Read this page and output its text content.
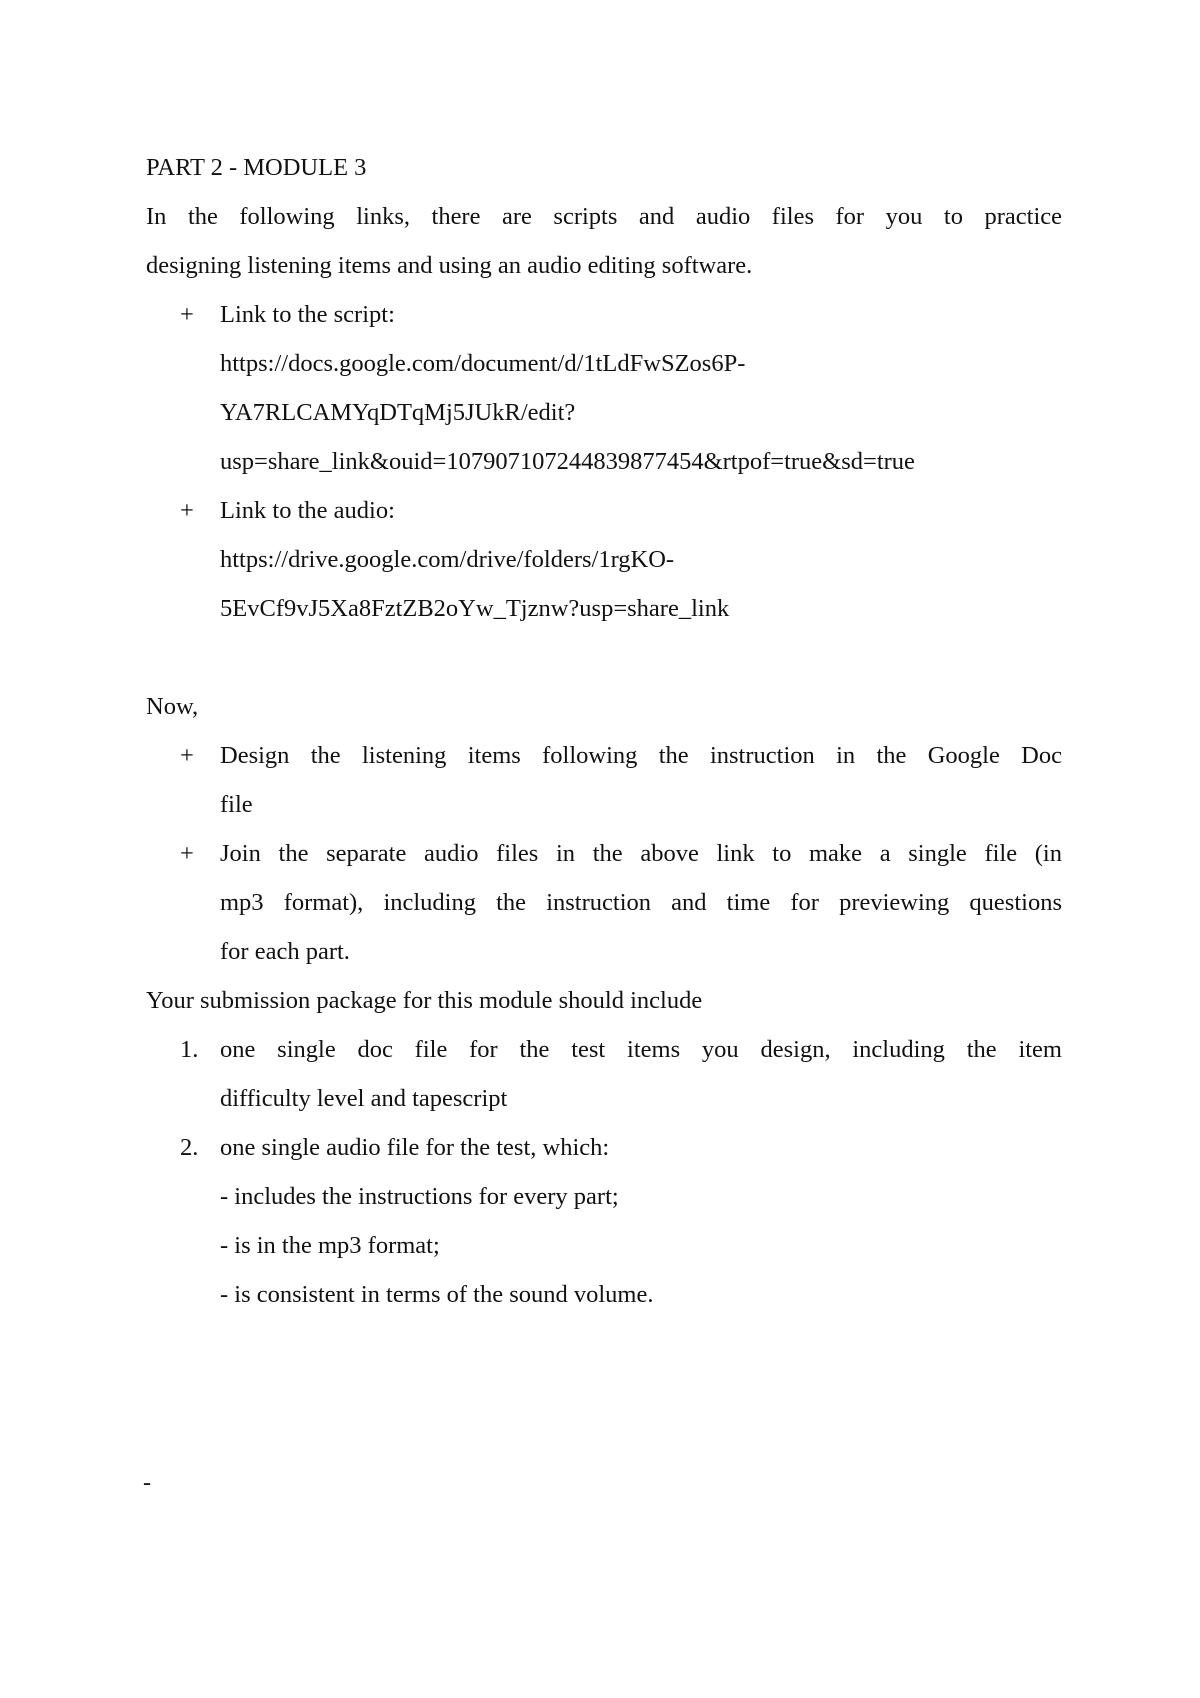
PART 2 - MODULE 3
In the following links, there are scripts and audio files for you to practice
designing listening items and using an audio editing software.
+	Link to the script:
https://docs.google.com/document/d/1tLdFwSZos6P-
YA7RLCAMYqDTqMj5JUkR/edit?
usp=share_link&ouid=107907107244839877454&rtpof=true&sd=true
+	Link to the audio:
https://drive.google.com/drive/folders/1rgKO-
5EvCf9vJ5Xa8FztZB2oYw_Tjznw?usp=share_link
Now,
+	Design the listening items following the instruction in the Google Doc
file
+	Join the separate audio files in the above link to make a single file (in
mp3 format), including the instruction and time for previewing questions
for each part.
Your submission package for this module should include
1. one single doc file for the test items you design, including the item
difficulty level and tapescript
2. one single audio file for the test, which:
- includes the instructions for every part;
- is in the mp3 format;
- is consistent in terms of the sound volume.
-
